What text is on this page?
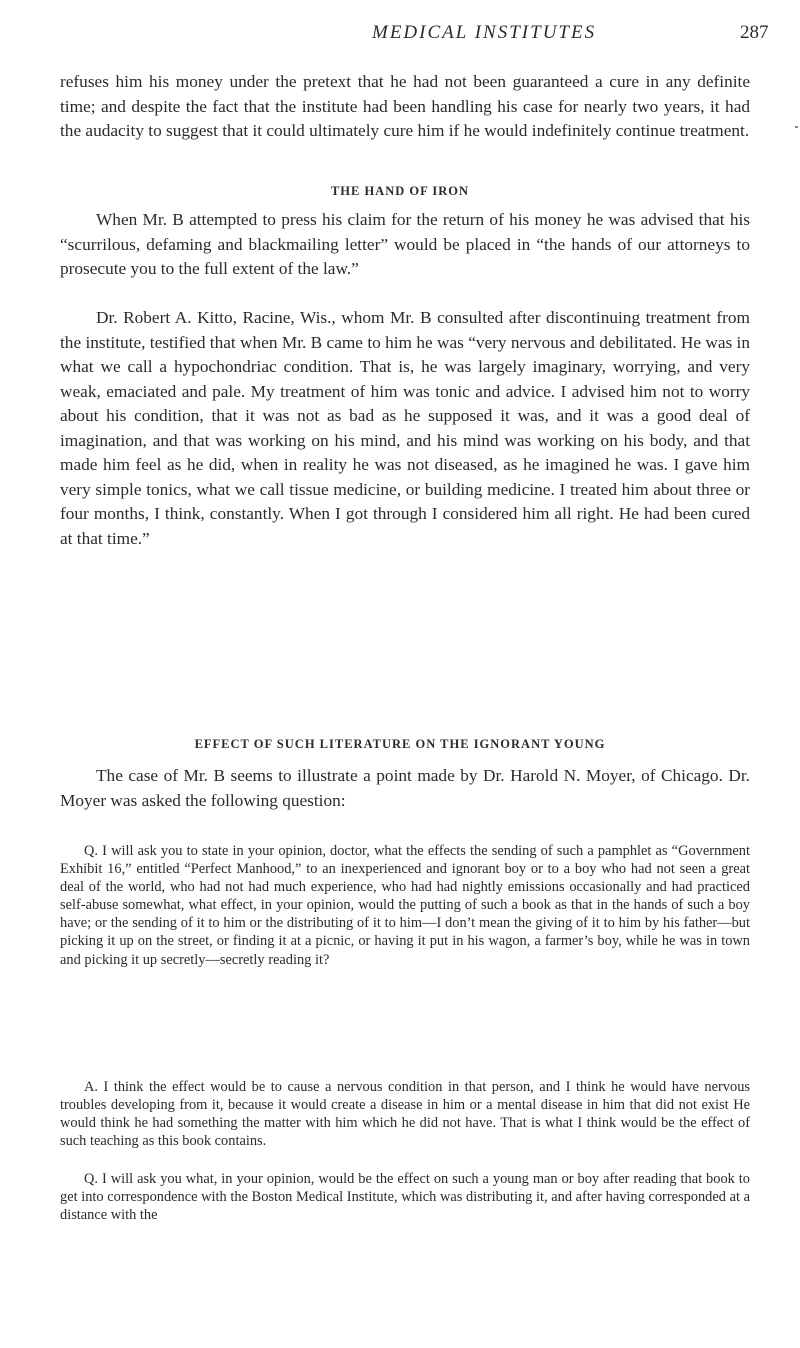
MEDICAL INSTITUTES	287

refuses him his money under the pretext that he had not been guaranteed a cure in any definite time; and despite the fact that the institute had been handling his case for nearly two years, it had the audacity to suggest that it could ultimately cure him if he would indefinitely continue treatment.

THE HAND OF IRON

When Mr. B attempted to press his claim for the return of his money he was advised that his “scurrilous, defaming and blackmailing letter” would be placed in “the hands of our attorneys to prosecute you to the full extent of the law.”

Dr. Robert A. Kitto, Racine, Wis., whom Mr. B consulted after discontinuing treatment from the institute, testified that when Mr. B came to him he was “very nervous and debilitated. He was in what we call a hypochondriac condition. That is, he was largely imaginary, worrying, and very weak, emaciated and pale. My treatment of him was tonic and advice. I advised him not to worry about his condition, that it was not as bad as he supposed it was, and it was a good deal of imagination, and that was working on his mind, and his mind was working on his body, and that made him feel as he did, when in reality he was not diseased, as he imagined he was. I gave him very simple tonics, what we call tissue medicine, or building medicine. I treated him about three or four months, I think, constantly. When I got through I considered him all right. He had been cured at that time.”

EFFECT OF SUCH LITERATURE ON THE IGNORANT YOUNG

The case of Mr. B seems to illustrate a point made by Dr. Harold N. Moyer, of Chicago. Dr. Moyer was asked the following question:

Q. I will ask you to state in your opinion, doctor, what the effects the sending of such a pamphlet as “Government Exhibit 16,” entitled “Perfect Manhood,” to an inexperienced and ignorant boy or to a boy who had not seen a great deal of the world, who had not had much experience, who had had nightly emissions occasionally and had practiced self-abuse somewhat, what effect, in your opinion, would the putting of such a book as that in the hands of such a boy have; or the sending of it to him or the distributing of it to him—I don’t mean the giving of it to him by his father—but picking it up on the street, or finding it at a picnic, or having it put in his wagon, a farmer’s boy, while he was in town and picking it up secretly—secretly reading it?

A. I think the effect would be to cause a nervous condition in that person, and I think he would have nervous troubles developing from it, because it would create a disease in him or a mental disease in him that did not exist He would think he had something the matter with him which he did not have. That is what I think would be the effect of such teaching as this book contains.

Q. I will ask you what, in your opinion, would be the effect on such a young man or boy after reading that book to get into correspondence with the Boston Medical Institute, which was distributing it, and after having corresponded at a distance with the
